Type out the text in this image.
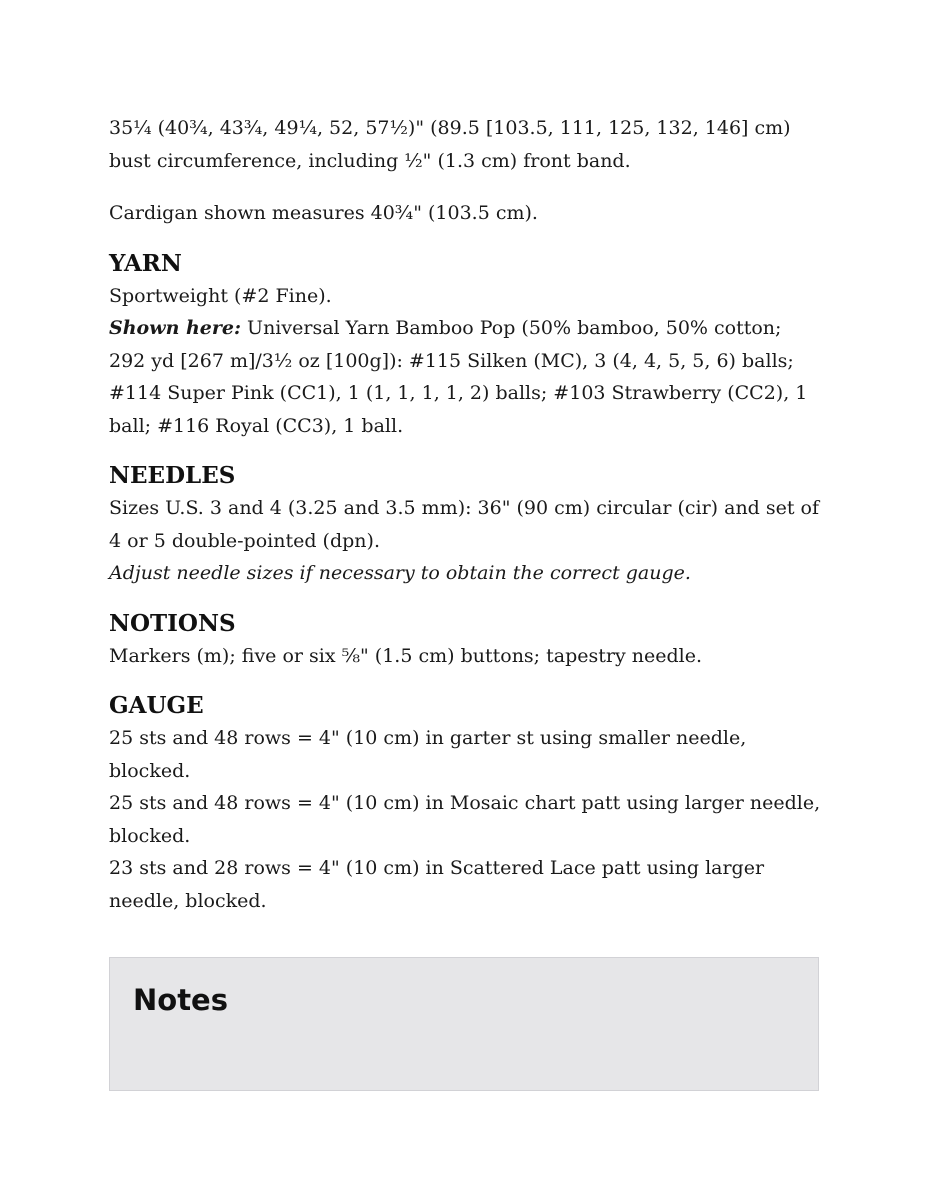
35¼ (40¾, 43¾, 49¼, 52, 57½)" (89.5 [103.5, 111, 125, 132, 146] cm)
bust circumference, including ½" (1.3 cm) front band.

Cardigan shown measures 40¾" (103.5 cm).

YARN

Sportweight (#2 Fine).

Shown here: Universal Yarn Bamboo Pop (50% bamboo, 50% cotton; 292 yd [267 m]/3½ oz [100g]): #115 Silken (MC), 3 (4, 4, 5, 5, 6) balls; #114 Super Pink (CC1), 1 (1, 1, 1, 1, 2) balls; #103 Strawberry (CC2), 1 ball; #116 Royal (CC3), 1 ball.

NEEDLES

Sizes U.S. 3 and 4 (3.25 and 3.5 mm): 36" (90 cm) circular (cir) and set of 4 or 5 double-pointed (dpn).

Adjust needle sizes if necessary to obtain the correct gauge.

NOTIONS

Markers (m); five or six ⅝" (1.5 cm) buttons; tapestry needle.

GAUGE

25 sts and 48 rows = 4" (10 cm) in garter st using smaller needle, blocked.

25 sts and 48 rows = 4" (10 cm) in Mosaic chart patt using larger needle, blocked.

23 sts and 28 rows = 4" (10 cm) in Scattered Lace patt using larger needle, blocked.

Notes
